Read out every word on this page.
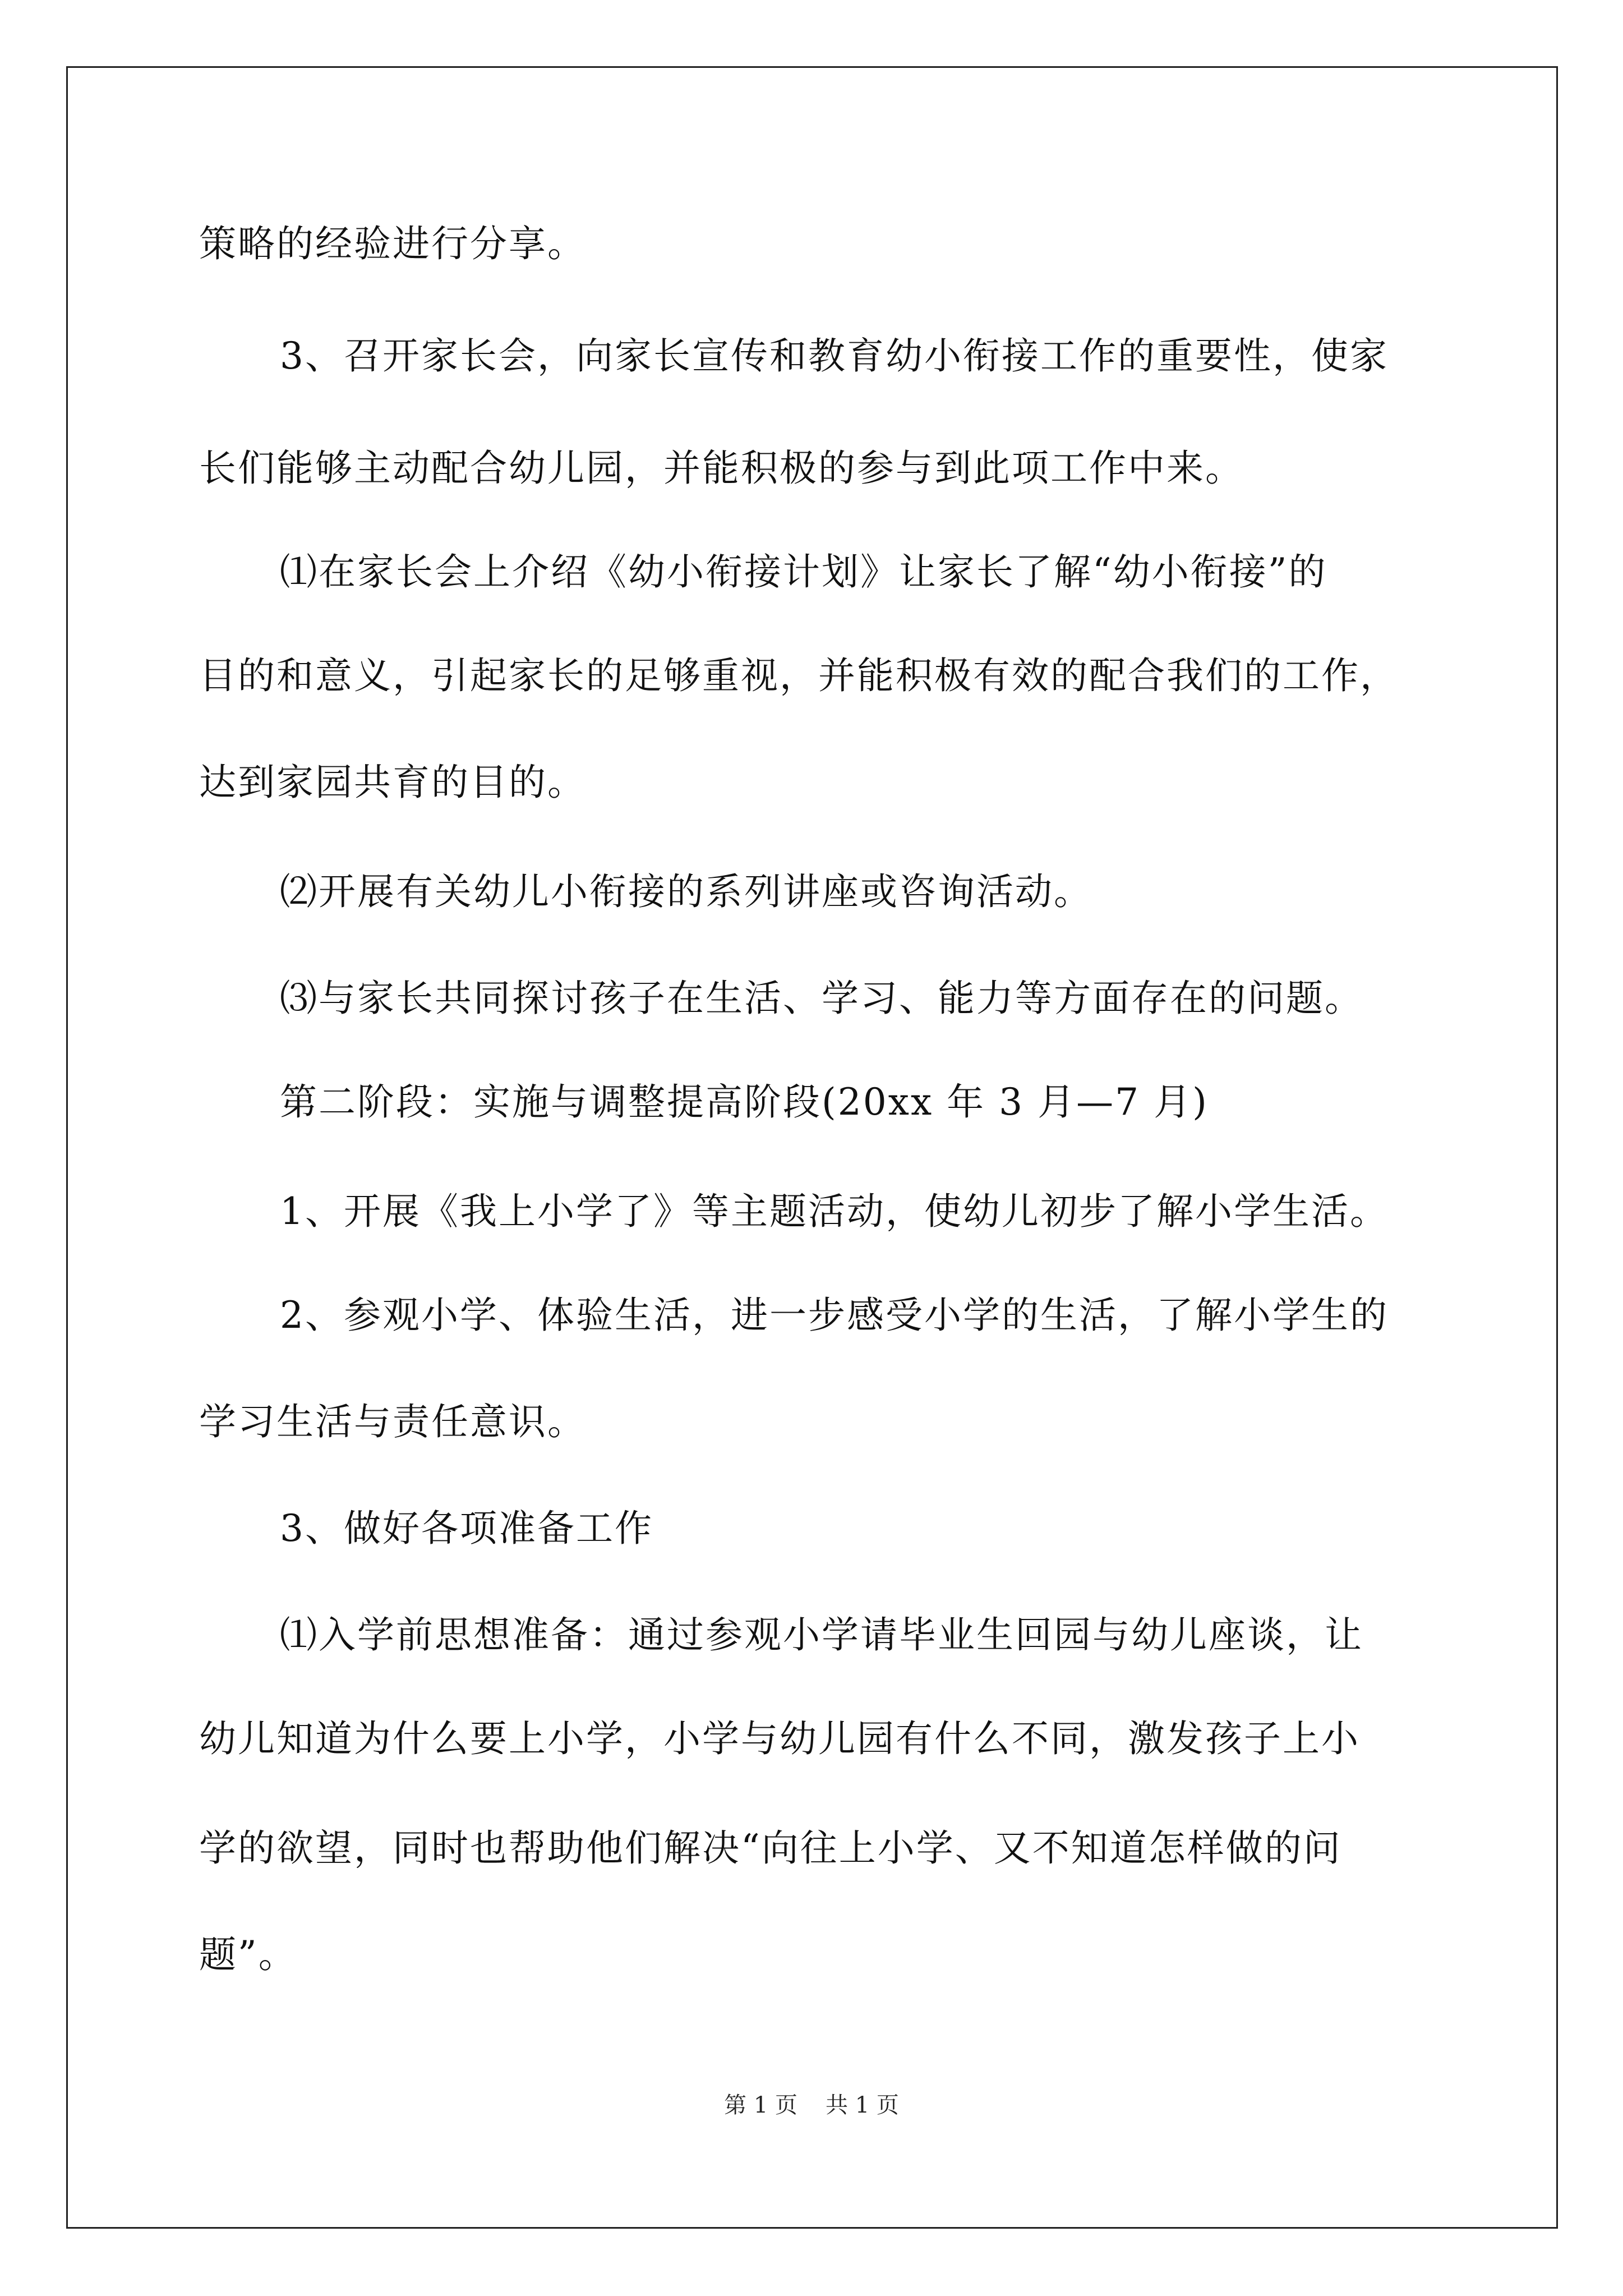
策略的经验进行分享。
3、召开家长会，向家长宣传和教育幼小衔接工作的重要性，使家
长们能够主动配合幼儿园，并能积极的参与到此项工作中来。
⑴在家长会上介绍《幼小衔接计划》让家长了解“幼小衔接”的
目的和意义，引起家长的足够重视，并能积极有效的配合我们的工作，
达到家园共育的目的。
⑵开展有关幼儿小衔接的系列讲座或咨询活动。
⑶与家长共同探讨孩子在生活、学习、能力等方面存在的问题。
第二阶段：实施与调整提高阶段(20xx 年 3 月—7 月)
1、开展《我上小学了》等主题活动，使幼儿初步了解小学生活。
2、参观小学、体验生活，进一步感受小学的生活，了解小学生的
学习生活与责任意识。
3、做好各项准备工作
⑴入学前思想准备：通过参观小学请毕业生回园与幼儿座谈，让
幼儿知道为什么要上小学，小学与幼儿园有什么不同，激发孩子上小
学的欲望，同时也帮助他们解决“向往上小学、又不知道怎样做的问
题”。
第 1 页 共 1 页
